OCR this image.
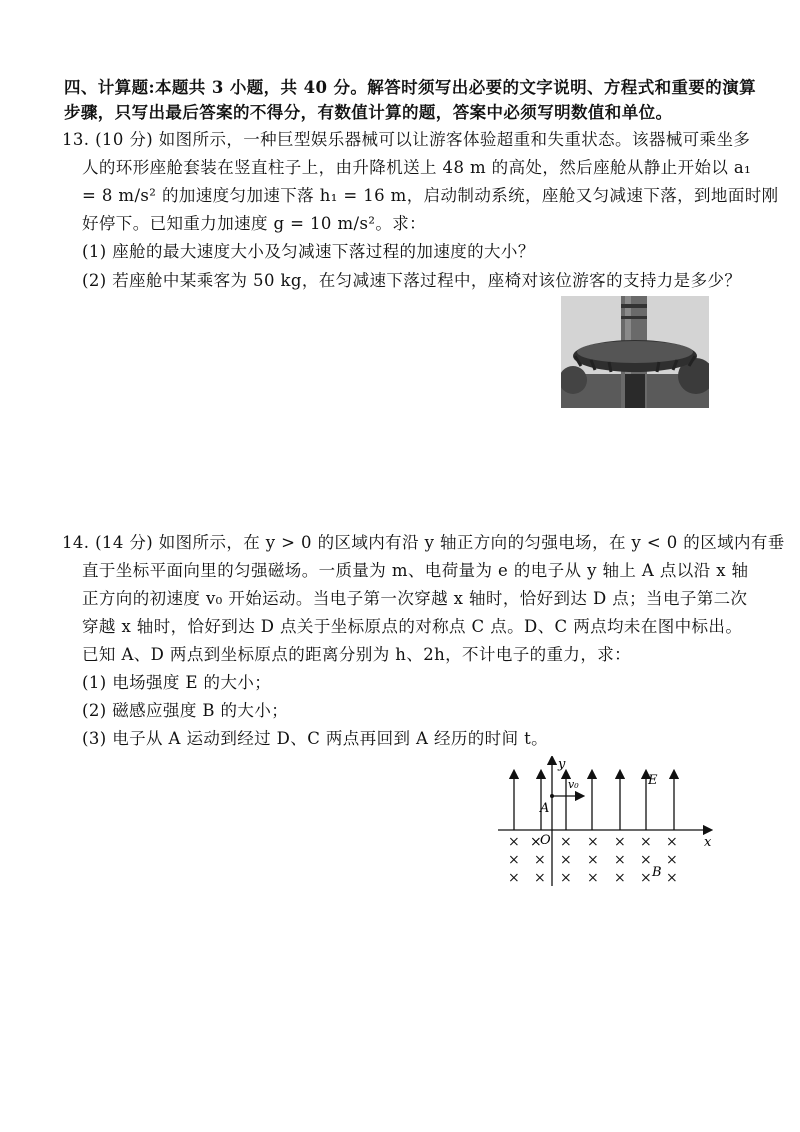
四、计算题:本题共 3 小题，共 40 分。解答时须写出必要的文字说明、方程式和重要的演算
步骤，只写出最后答案的不得分，有数值计算的题，答案中必须写明数值和单位。
13. (10 分) 如图所示，一种巨型娱乐器械可以让游客体验超重和失重状态。该器械可乘坐多
人的环形座舱套装在竖直柱子上，由升降机送上 48 m 的高处，然后座舱从静止开始以 a₁
= 8 m/s² 的加速度匀加速下落 h₁ = 16 m，启动制动系统，座舱又匀减速下落，到地面时刚
好停下。已知重力加速度 g = 10 m/s²。求：
(1) 座舱的最大速度大小及匀减速下落过程的加速度的大小？
(2) 若座舱中某乘客为 50 kg，在匀减速下落过程中，座椅对该位游客的支持力是多少？
14. (14 分) 如图所示，在 y > 0 的区域内有沿 y 轴正方向的匀强电场，在 y < 0 的区域内有垂
直于坐标平面向里的匀强磁场。一质量为 m、电荷量为 e 的电子从 y 轴上 A 点以沿 x 轴
正方向的初速度 v₀ 开始运动。当电子第一次穿越 x 轴时，恰好到达 D 点；当电子第二次
穿越 x 轴时，恰好到达 D 点关于坐标原点的对称点 C 点。D、C 两点均未在图中标出。
已知 A、D 两点到坐标原点的距离分别为 h、2h，不计电子的重力，求：
(1) 电场强度 E 的大小；
(2) 磁感应强度 B 的大小；
(3) 电子从 A 运动到经过 D、C 两点再回到 A 经历的时间 t。
y
x
O
A
v₀	E
B
×	× × × × ×
× × × × × × ×
× × × × × × ×
×
